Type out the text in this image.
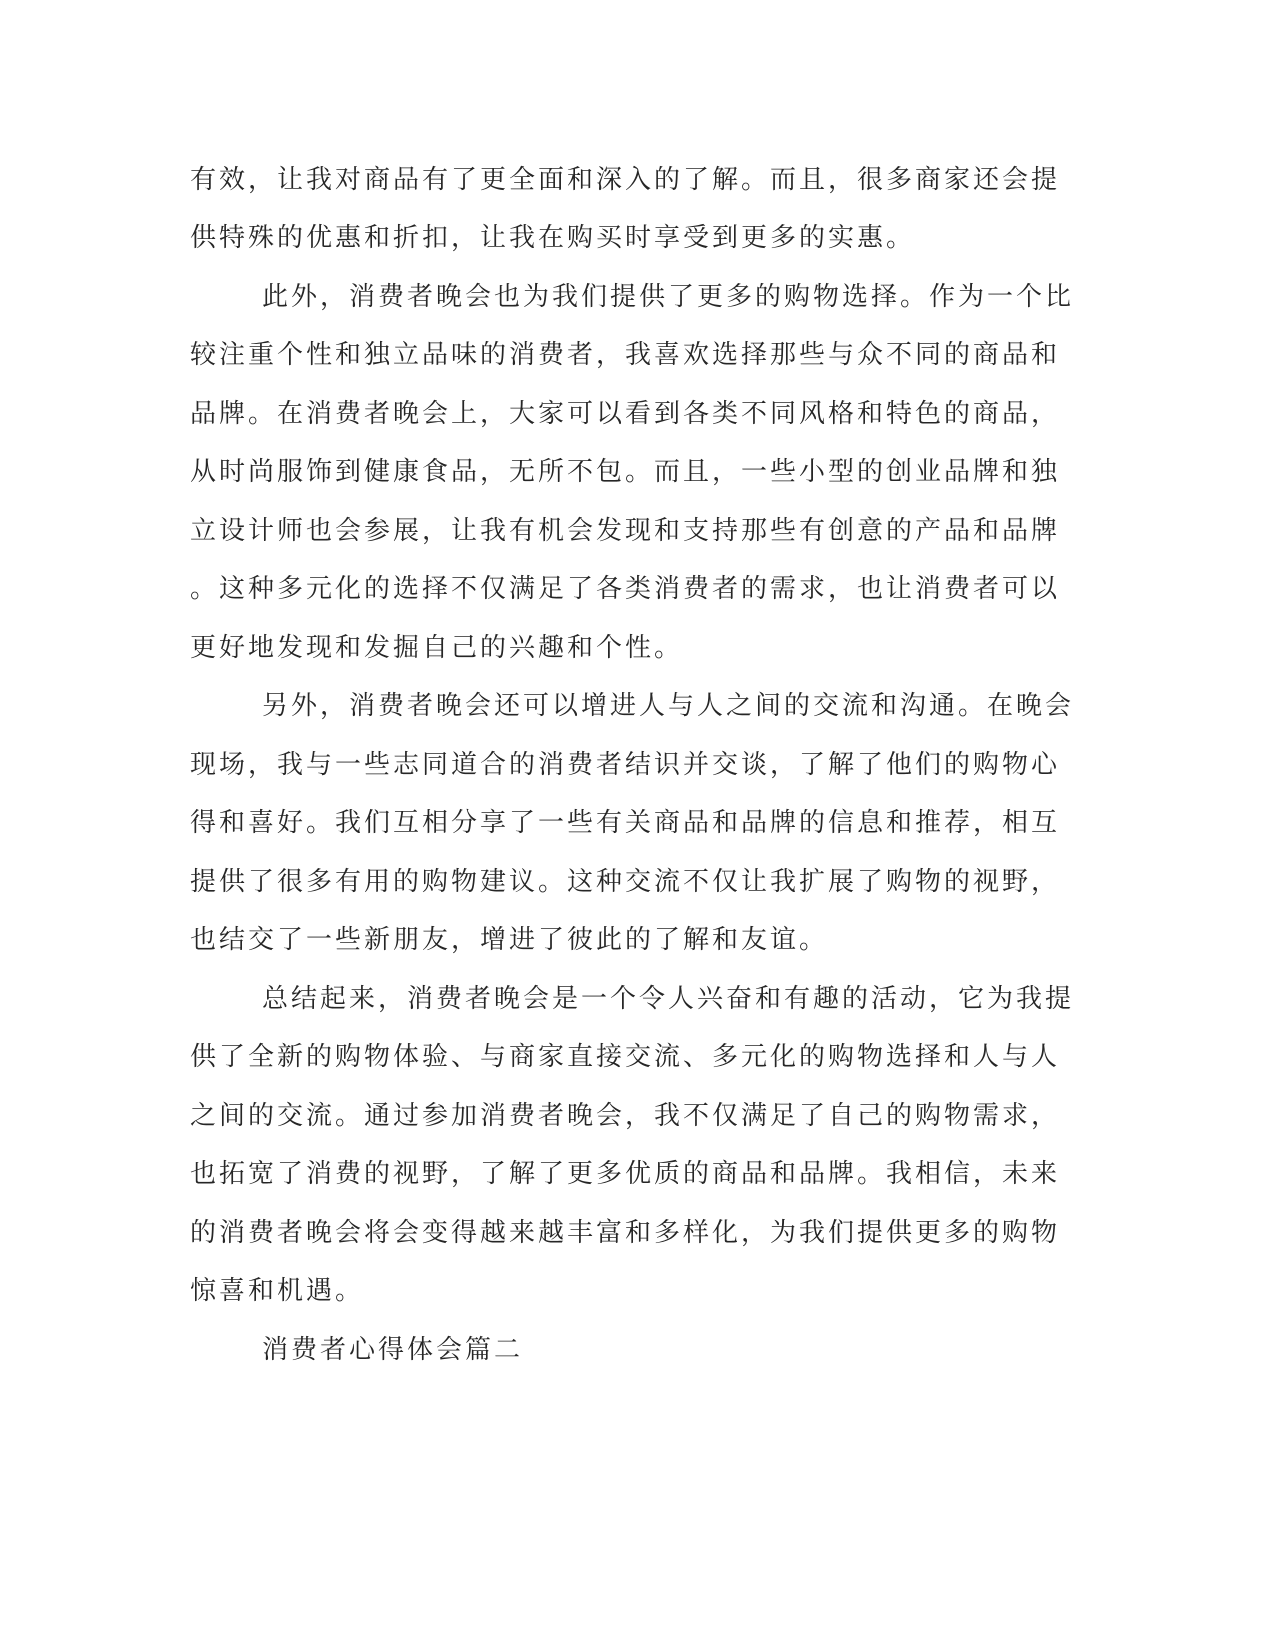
有效，让我对商品有了更全面和深入的了解。而且，很多商家还会提
供特殊的优惠和折扣，让我在购买时享受到更多的实惠。
此外，消费者晚会也为我们提供了更多的购物选择。作为一个比
较注重个性和独立品味的消费者，我喜欢选择那些与众不同的商品和
品牌。在消费者晚会上，大家可以看到各类不同风格和特色的商品，
从时尚服饰到健康食品，无所不包。而且，一些小型的创业品牌和独
立设计师也会参展，让我有机会发现和支持那些有创意的产品和品牌
。这种多元化的选择不仅满足了各类消费者的需求，也让消费者可以
更好地发现和发掘自己的兴趣和个性。
另外，消费者晚会还可以增进人与人之间的交流和沟通。在晚会
现场，我与一些志同道合的消费者结识并交谈，了解了他们的购物心
得和喜好。我们互相分享了一些有关商品和品牌的信息和推荐，相互
提供了很多有用的购物建议。这种交流不仅让我扩展了购物的视野，
也结交了一些新朋友，增进了彼此的了解和友谊。
总结起来，消费者晚会是一个令人兴奋和有趣的活动，它为我提
供了全新的购物体验、与商家直接交流、多元化的购物选择和人与人
之间的交流。通过参加消费者晚会，我不仅满足了自己的购物需求，
也拓宽了消费的视野，了解了更多优质的商品和品牌。我相信，未来
的消费者晚会将会变得越来越丰富和多样化，为我们提供更多的购物
惊喜和机遇。
消费者心得体会篇二
